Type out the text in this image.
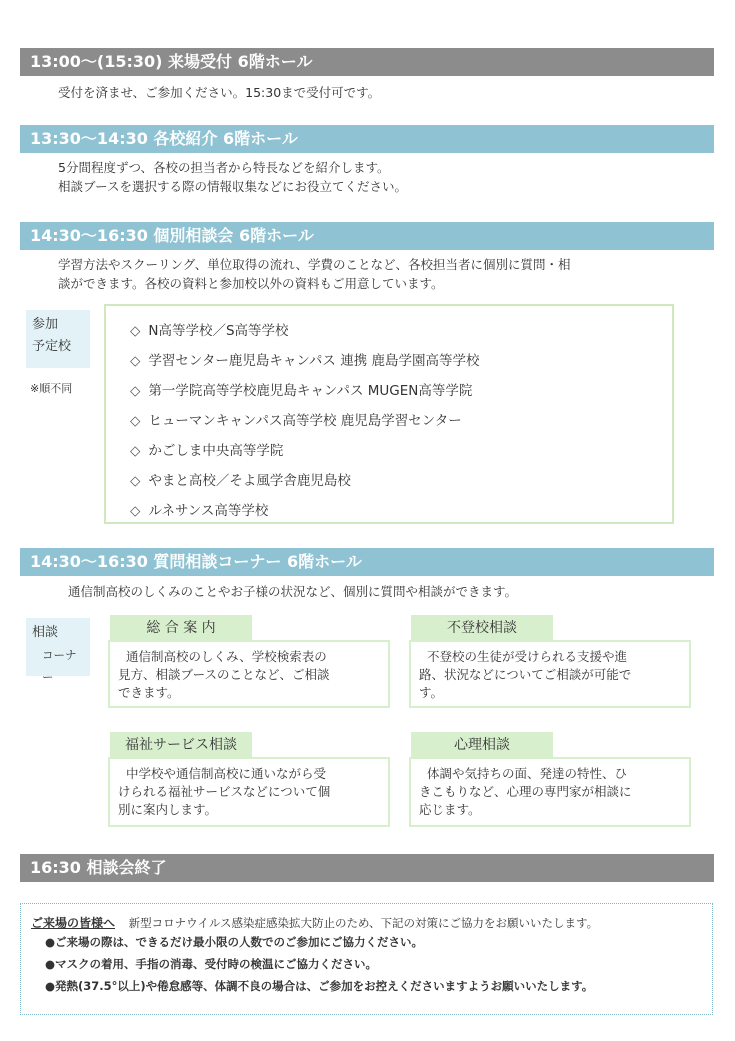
13:00〜(15:30) 来場受付 6階ホール
受付を済ませ、ご参加ください。15:30まで受付可です。
13:30〜14:30 各校紹介 6階ホール
5分間程度ずつ、各校の担当者から特長などを紹介します。
相談ブースを選択する際の情報収集などにお役立てください。
14:30〜16:30 個別相談会 6階ホール
学習方法やスクーリング、単位取得の流れ、学費のことなど、各校担当者に個別に質問・相
談ができます。各校の資料と参加校以外の資料もご用意しています。
参加
予定校
※順不同
◇ N高等学校／S高等学校
◇ 学習センター鹿児島キャンパス 連携 鹿島学園高等学校
◇ 第一学院高等学校鹿児島キャンパス MUGEN高等学院
◇ ヒューマンキャンパス高等学校 鹿児島学習センター
◇ かごしま中央高等学院
◇ やまと高校／そよ風学舎鹿児島校
◇ ルネサンス高等学校
14:30〜16:30 質問相談コーナー 6階ホール
通信制高校のしくみのことやお子様の状況など、個別に質問や相談ができます。
相談
コーナー
総 合 案 内
通信制高校のしくみ、学校検索表の
見方、相談ブースのことなど、ご相談
できます。
不登校相談
不登校の生徒が受けられる支援や進
路、状況などについてご相談が可能で
す。
福祉サービス相談
中学校や通信制高校に通いながら受
けられる福祉サービスなどについて個
別に案内します。
心理相談
体調や気持ちの面、発達の特性、ひ
きこもりなど、心理の専門家が相談に
応じます。
16:30 相談会終了
ご来場の皆様へ 新型コロナウイルス感染症感染拡大防止のため、下記の対策にご協力をお願いいたします。
●ご来場の際は、できるだけ最小限の人数でのご参加にご協力ください。
●マスクの着用、手指の消毒、受付時の検温にご協力ください。
●発熱(37.5°以上)や倦怠感等、体調不良の場合は、ご参加をお控えくださいますようお願いいたします。
